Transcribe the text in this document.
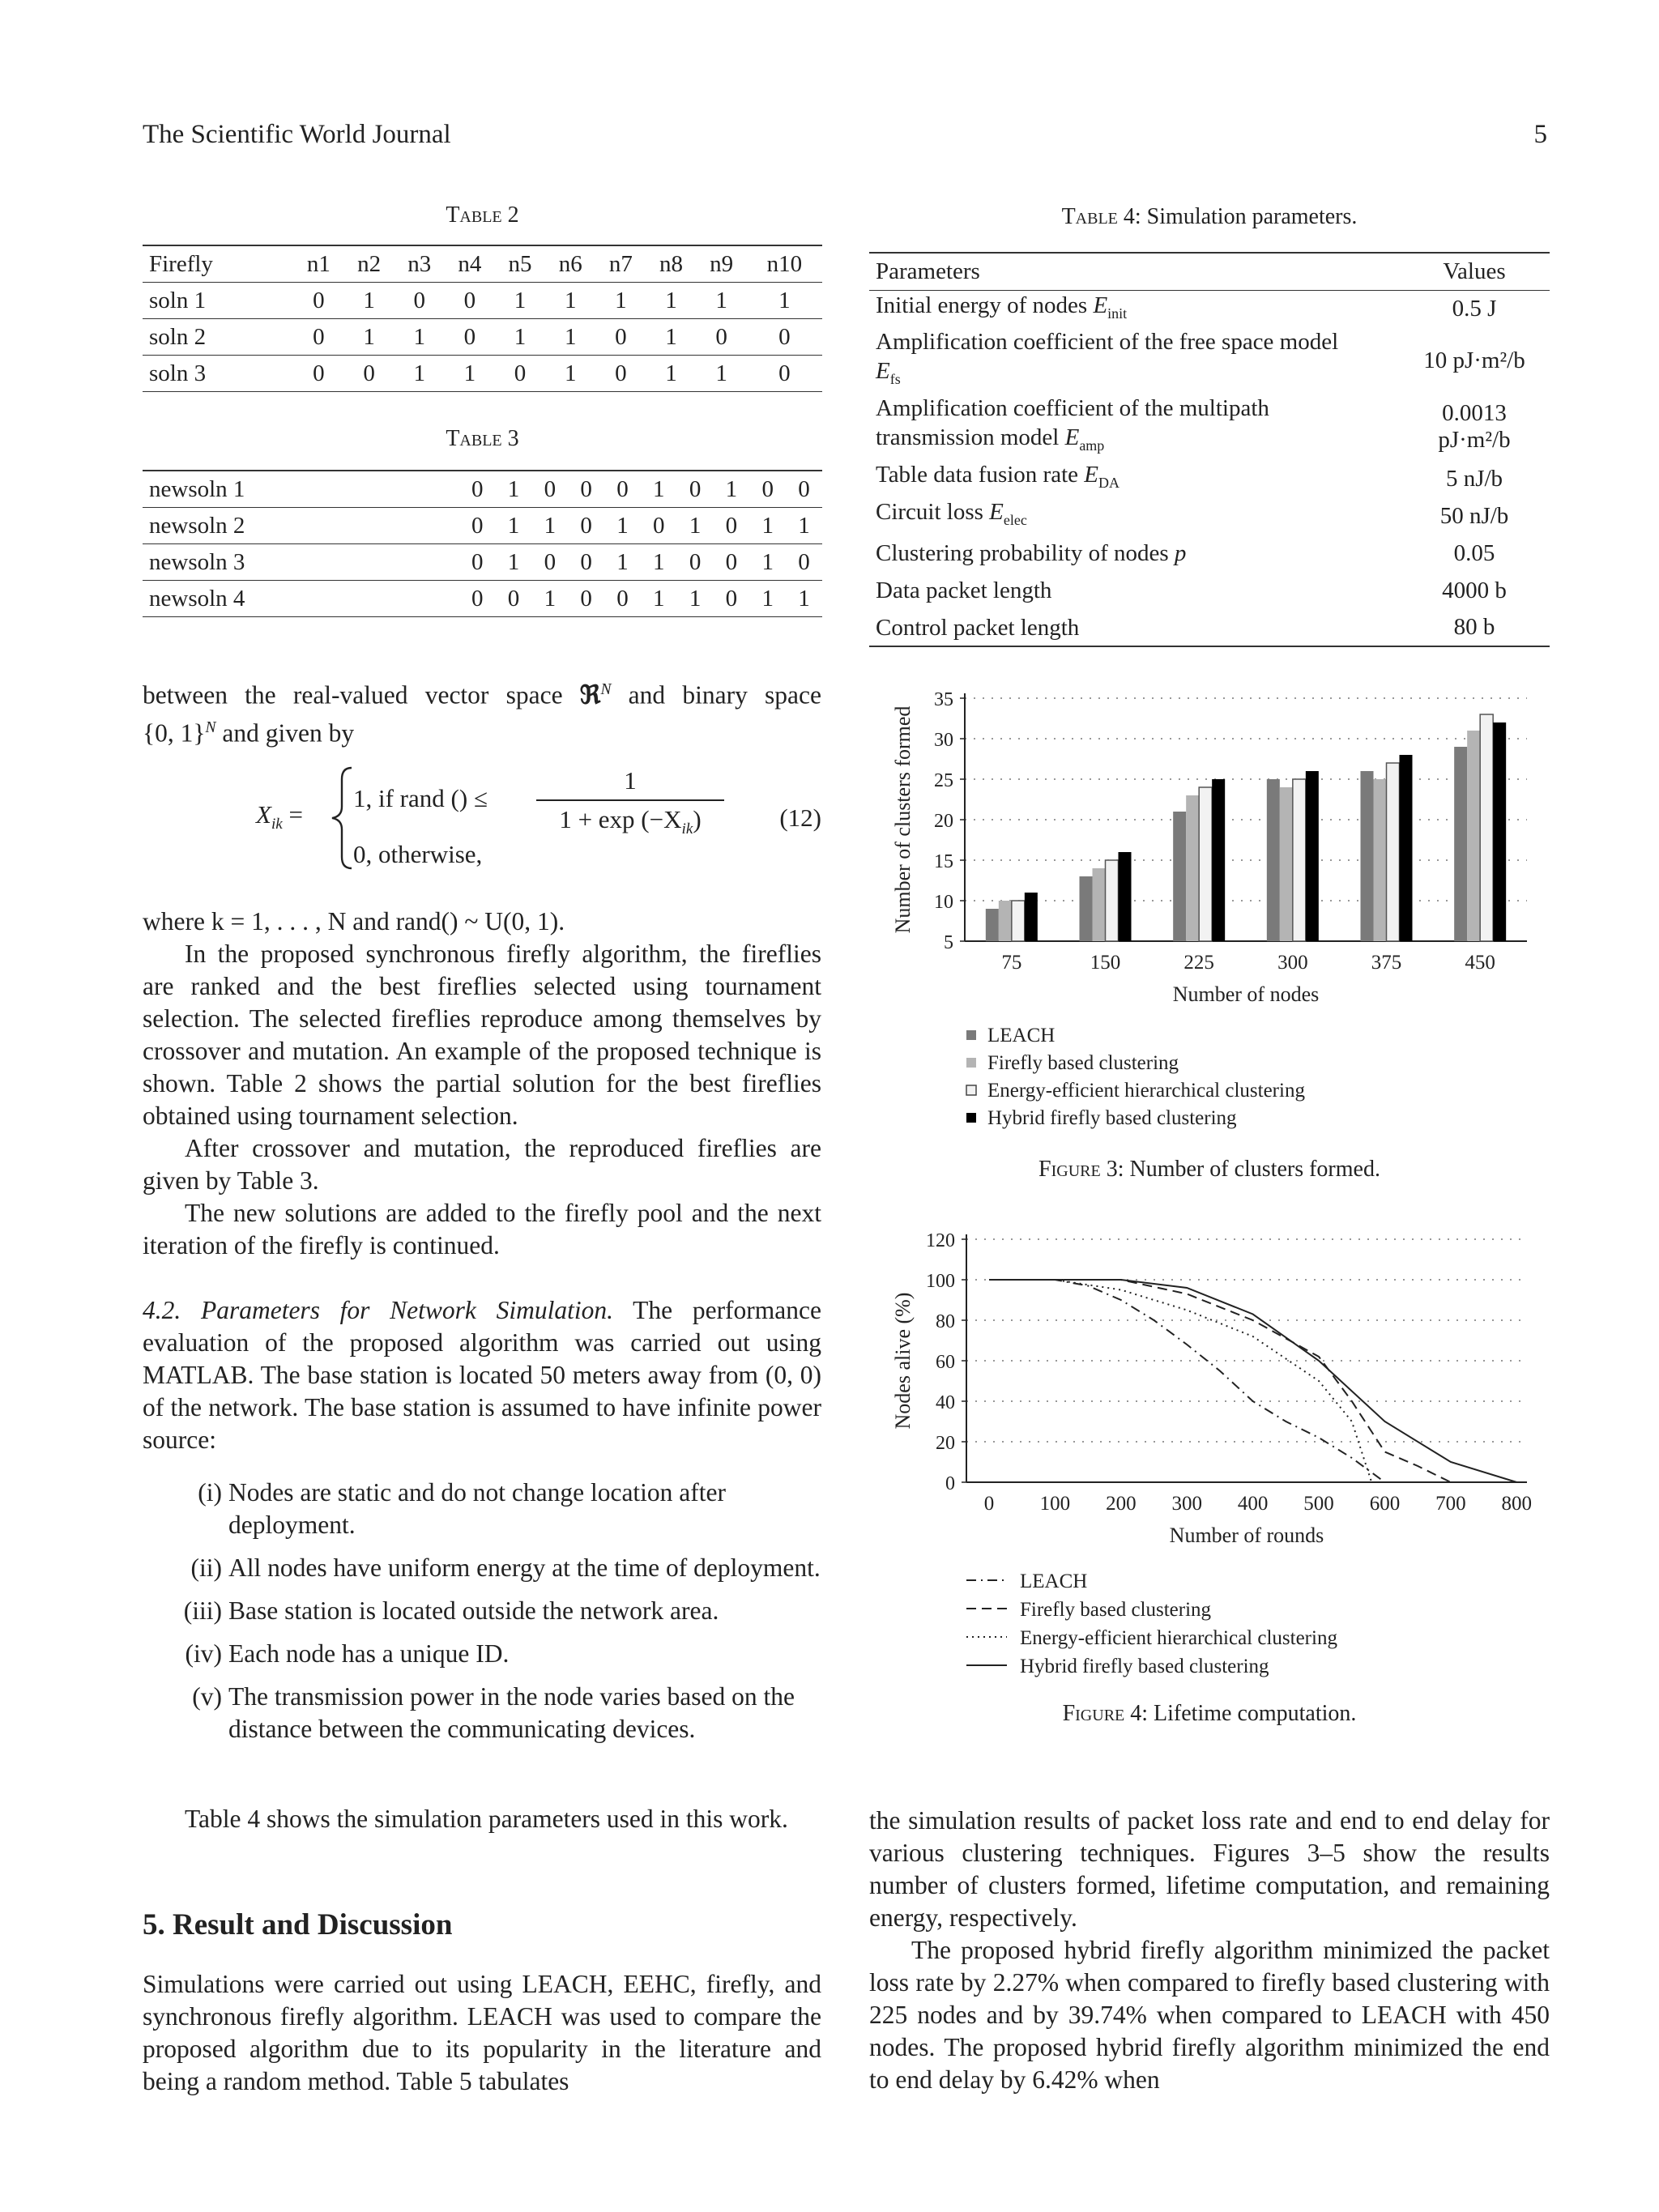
The Scientific World Journal	5
Table 2
Firefly	n1	n2	n3	n4	n5	n6	n7	n8	n9	n10
soln 1	0	1	0	0	1	1	1	1	1	1
soln 2	0	1	1	0	1	1	0	1	0	0
soln 3	0	0	1	1	0	1	0	1	1	0
Table 3
newsoln 1	0	1	0	0	0	1	0	1	0	0
newsoln 2	0	1	1	0	1	0	1	0	1	1
newsoln 3	0	1	0	0	1	1	0	0	1	0
newsoln 4	0	0	1	0	0	1	1	0	1	1
Table 4: Simulation parameters.
Parameters	Values
Initial energy of nodes $E_{init}$	0.5 J
Amplification coefficient of the free space model
$E_{fs}$	10 pJ·m²/b
Amplification coefficient of the multipath transmission model $E_{amp}$	0.0013 pJ·m²/b
Table data fusion rate $E_{DA}$	5 nJ/b
Circuit loss $E_{elec}$	50 nJ/b
Clustering probability of nodes p	0.05
Data packet length	4000 b
Control packet length	80 b
between the real-valued vector space ℜ$^N$ and binary space
{0, 1}$^N$ and given by
$X_{ik}$ =
1, if rand () ≤
1
$1 + \exp (-X_{ik})$
0, otherwise,
(12)

where k = 1, . . . , N and rand() ~ U(0, 1).

In the proposed synchronous firefly algorithm, the fireflies are ranked and the best fireflies selected using tournament selection. The selected fireflies reproduce among themselves by crossover and mutation. An example of the proposed technique is shown. Table 2 shows the partial solution for the best fireflies obtained using tournament selection.

After crossover and mutation, the reproduced fireflies are given by Table 3.

The new solutions are added to the firefly pool and the next iteration of the firefly is continued.

4.2. Parameters for Network Simulation. The performance evaluation of the proposed algorithm was carried out using MATLAB. The base station is located 50 meters away from (0, 0) of the network. The base station is assumed to have infinite power source:

(i) Nodes are static and do not change location after deployment.
(ii) All nodes have uniform energy at the time of deployment.
(iii) Base station is located outside the network area.
(iv) Each node has a unique ID.
(v) The transmission power in the node varies based on the distance between the communicating devices.

Table 4 shows the simulation parameters used in this work.

5. Result and Discussion

Simulations were carried out using LEACH, EEHC, firefly, and synchronous firefly algorithm. LEACH was used to compare the proposed algorithm due to its popularity in the literature and being a random method. Table 5 tabulates

the simulation results of packet loss rate and end to end delay for various clustering techniques. Figures 3–5 show the results number of clusters formed, lifetime computation, and remaining energy, respectively.

The proposed hybrid firefly algorithm minimized the packet loss rate by 2.27% when compared to firefly based clustering with 225 nodes and by 39.74% when compared to LEACH with 450 nodes. The proposed hybrid firefly algorithm minimized the end to end delay by 6.42% when

5
10
15
20
25
30
35
75	150	225	300	375	450
Number of nodes
Number of clusters formed
LEACH
Firefly based clustering
Energy-efficient hierarchical clustering
Hybrid firefly based clustering
Figure 3: Number of clusters formed.
0
20
40
60
80
100
120
0 100 200 300 400 500 600 700 800
Number of rounds
Nodes alive (%)
LEACH
Firefly based clustering
Energy-efficient hierarchical clustering
Hybrid firefly based clustering
Figure 4: Lifetime computation.
